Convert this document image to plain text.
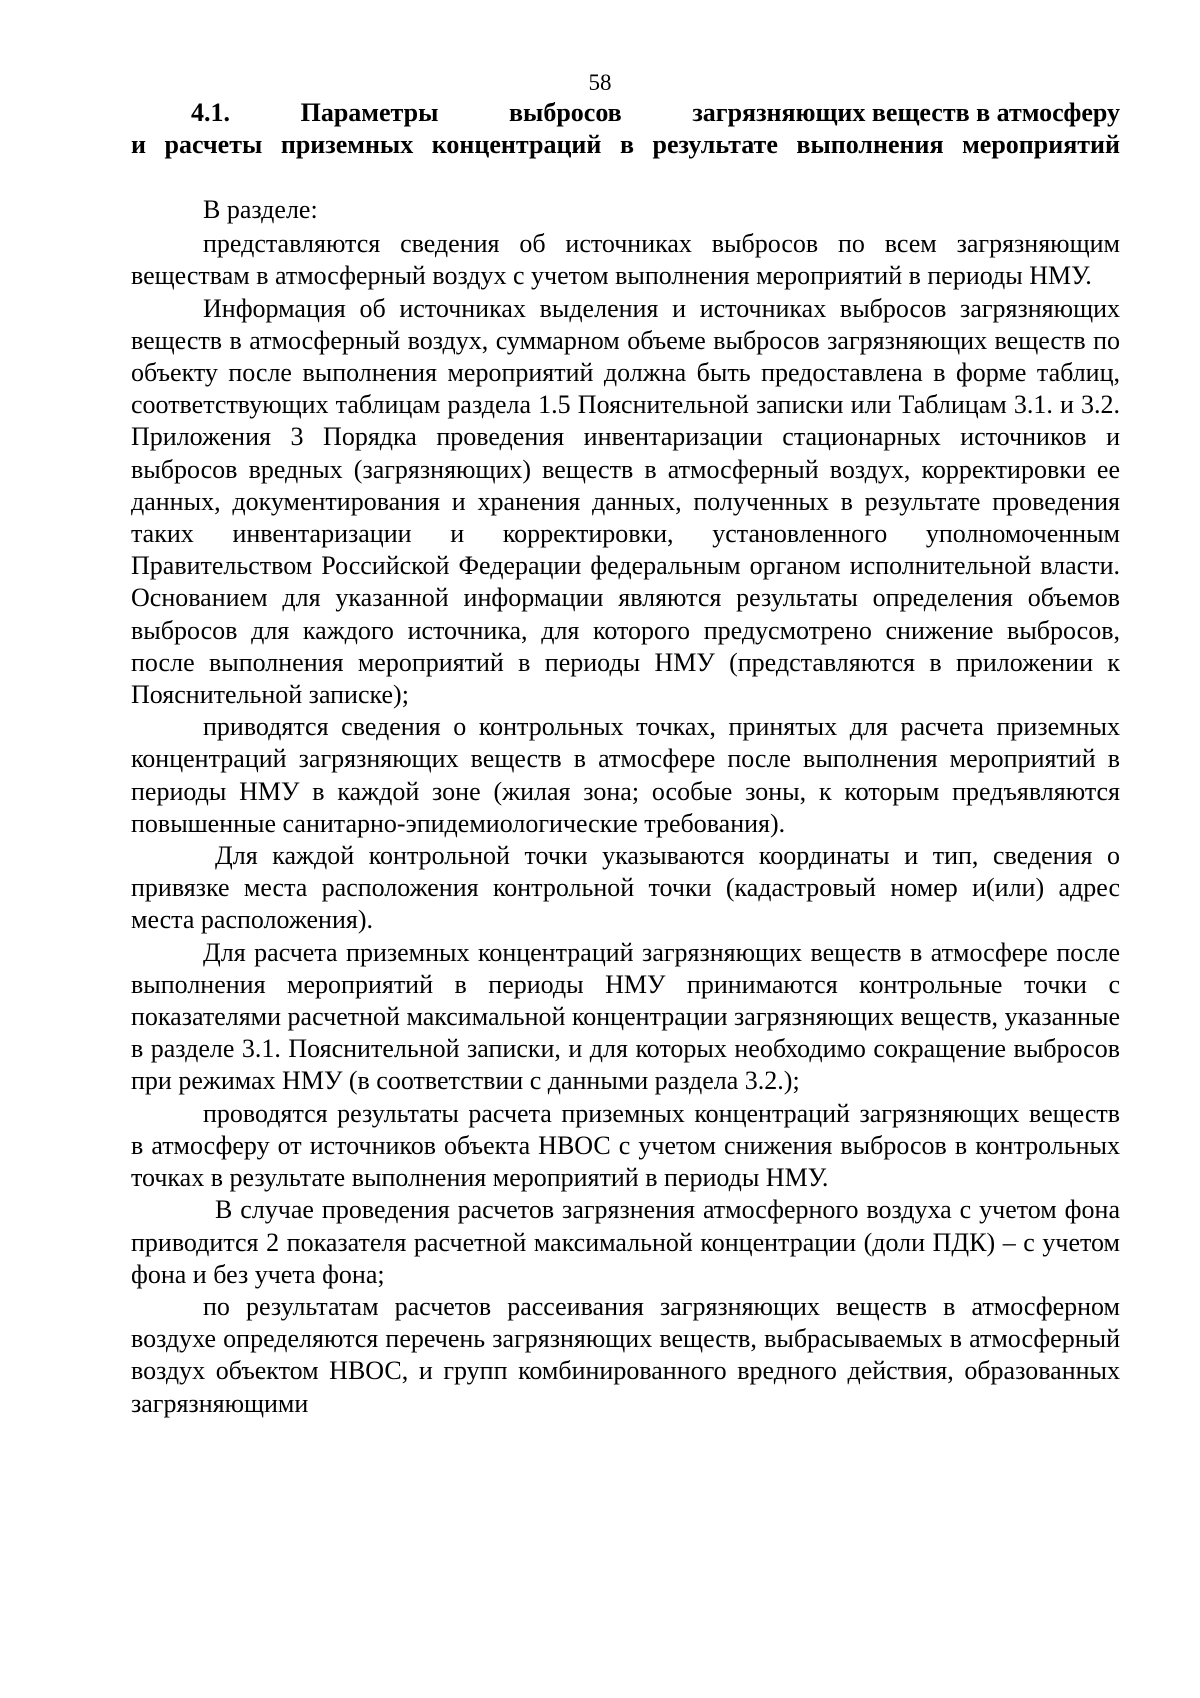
58
4.1.	Параметры	выбросов	загрязняющих веществ в атмосферу
и расчеты приземных концентраций в результате выполнения мероприятий

В разделе:

представляются сведения об источниках выбросов по всем загрязняющим веществам в атмосферный воздух с учетом выполнения мероприятий в периоды НМУ.

Информация об источниках выделения и источниках выбросов загрязняющих веществ в атмосферный воздух, суммарном объеме выбросов загрязняющих веществ по объекту после выполнения мероприятий должна быть предоставлена в форме таблиц, соответствующих таблицам раздела 1.5 Пояснительной записки или Таблицам 3.1. и 3.2. Приложения 3 Порядка проведения инвентаризации стационарных источников и выбросов вредных (загрязняющих) веществ в атмосферный воздух, корректировки ее данных, документирования и хранения данных, полученных в результате проведения таких инвентаризации и корректировки, установленного уполномоченным Правительством Российской Федерации федеральным органом исполнительной власти. Основанием для указанной информации являются результаты определения объемов выбросов для каждого источника, для которого предусмотрено снижение выбросов, после выполнения мероприятий в периоды НМУ (представляются в приложении к Пояснительной записке);

приводятся сведения о контрольных точках, принятых для расчета приземных концентраций загрязняющих веществ в атмосфере после выполнения мероприятий в периоды НМУ в каждой зоне (жилая зона; особые зоны, к которым предъявляются повышенные санитарно-эпидемиологические требования).

Для каждой контрольной точки указываются координаты и тип, сведения о привязке места расположения контрольной точки (кадастровый номер и(или) адрес места расположения).

Для расчета приземных концентраций загрязняющих веществ в атмосфере после выполнения мероприятий в периоды НМУ принимаются контрольные точки с показателями расчетной максимальной концентрации загрязняющих веществ, указанные в разделе 3.1. Пояснительной записки, и для которых необходимо сокращение выбросов при режимах НМУ (в соответствии с данными раздела 3.2.);

проводятся результаты расчета приземных концентраций загрязняющих веществ в атмосферу от источников объекта НВОС с учетом снижения выбросов в контрольных точках в результате выполнения мероприятий в периоды НМУ.

В случае проведения расчетов загрязнения атмосферного воздуха с учетом фона приводится 2 показателя расчетной максимальной концентрации (доли ПДК) – с учетом фона и без учета фона;

по результатам расчетов рассеивания загрязняющих веществ в атмосферном воздухе определяются перечень загрязняющих веществ, выбрасываемых в атмосферный воздух объектом НВОС, и групп комбинированного вредного действия, образованных загрязняющими
